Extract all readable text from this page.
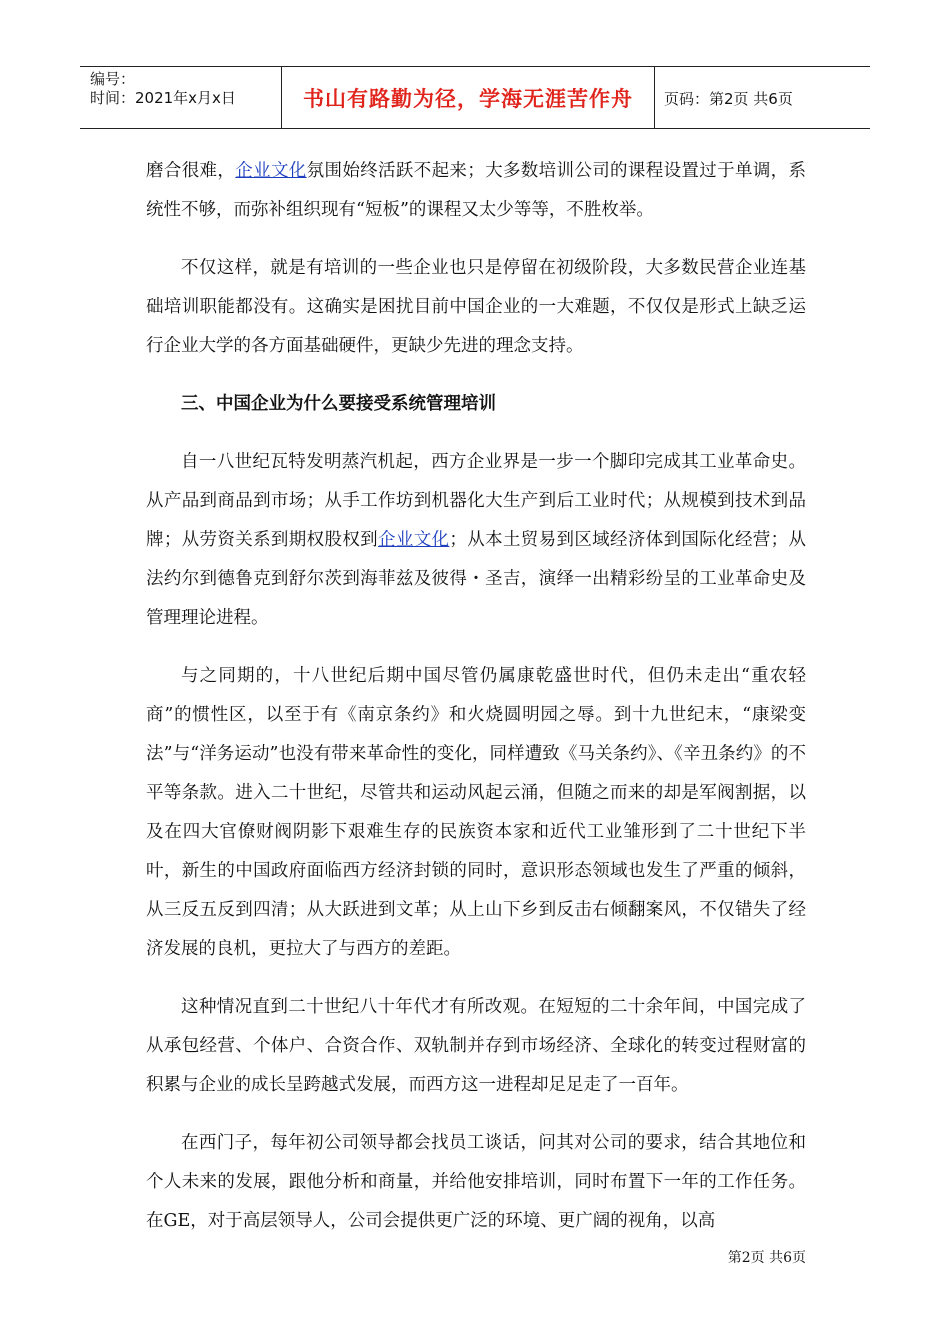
编号：
时间：2021年x月x日	书山有路勤为径，学海无涯苦作舟	页码：第2页 共6页

磨合很难，企业文化氛围始终活跃不起来；大多数培训公司的课程设置过于单调，系统性不够，而弥补组织现有“短板”的课程又太少等等，不胜枚举。

不仅这样，就是有培训的一些企业也只是停留在初级阶段，大多数民营企业连基础培训职能都没有。这确实是困扰目前中国企业的一大难题，不仅仅是形式上缺乏运行企业大学的各方面基础硬件，更缺少先进的理念支持。

三、中国企业为什么要接受系统管理培训

自一八世纪瓦特发明蒸汽机起，西方企业界是一步一个脚印完成其工业革命史。从产品到商品到市场；从手工作坊到机器化大生产到后工业时代；从规模到技术到品牌；从劳资关系到期权股权到企业文化；从本土贸易到区域经济体到国际化经营；从法约尔到德鲁克到舒尔茨到海菲兹及彼得・圣吉，演绎一出精彩纷呈的工业革命史及管理理论进程。

与之同期的，十八世纪后期中国尽管仍属康乾盛世时代，但仍未走出“重农轻商”的惯性区，以至于有《南京条约》和火烧圆明园之辱。到十九世纪末，“康梁变法”与“洋务运动”也没有带来革命性的变化，同样遭致《马关条约》、《辛丑条约》的不平等条款。进入二十世纪，尽管共和运动风起云涌，但随之而来的却是军阀割据，以及在四大官僚财阀阴影下艰难生存的民族资本家和近代工业雏形到了二十世纪下半叶，新生的中国政府面临西方经济封锁的同时，意识形态领域也发生了严重的倾斜，从三反五反到四清；从大跃进到文革；从上山下乡到反击右倾翻案风，不仅错失了经济发展的良机，更拉大了与西方的差距。

这种情况直到二十世纪八十年代才有所改观。在短短的二十余年间，中国完成了从承包经营、个体户、合资合作、双轨制并存到市场经济、全球化的转变过程财富的积累与企业的成长呈跨越式发展，而西方这一进程却足足走了一百年。

在西门子，每年初公司领导都会找员工谈话，问其对公司的要求，结合其地位和个人未来的发展，跟他分析和商量，并给他安排培训，同时布置下一年的工作任务。在GE，对于高层领导人，公司会提供更广泛的环境、更广阔的视角，以高

第2页 共6页
